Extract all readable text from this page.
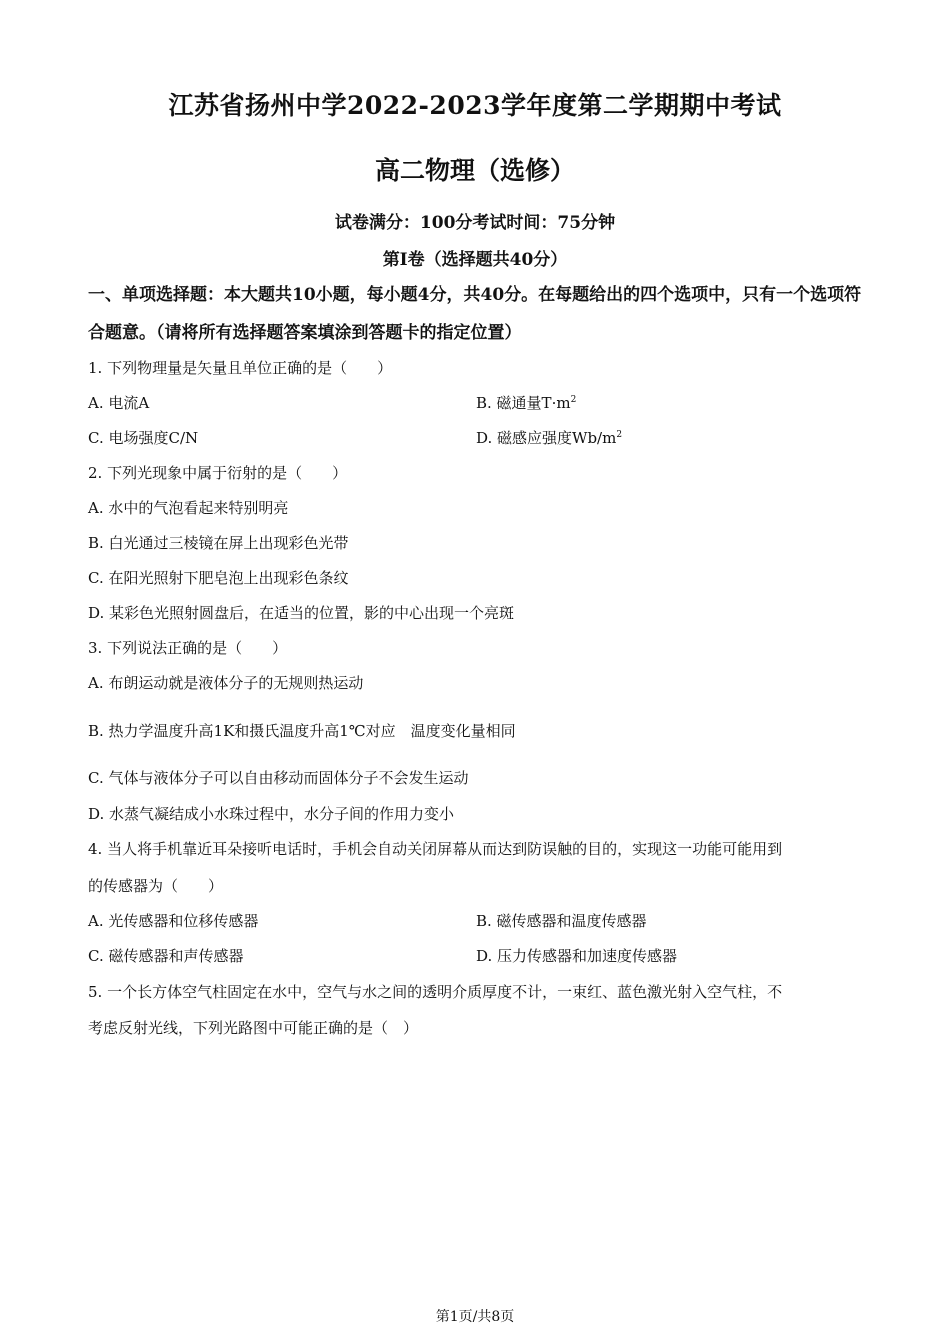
江苏省扬州中学2022-2023学年度第二学期期中考试
高二物理（选修）
试卷满分：100分考试时间：75分钟
第Ⅰ卷（选择题共40分）
一、单项选择题：本大题共10小题，每小题4分，共40分。在每题给出的四个选项中，只有一个选项符合题意。（请将所有选择题答案填涂到答题卡的指定位置）
1. 下列物理量是矢量且单位正确的是（　　）
A. 电流A	B. 磁通量$T\cdot m^2$
C. 电场强度C/N	D. 磁感应强度$Wb/m^2$
2. 下列光现象中属于衍射的是（　　）
A. 水中的气泡看起来特别明亮
B. 白光通过三棱镜在屏上出现彩色光带
C. 在阳光照射下肥皂泡上出现彩色条纹
D. 某彩色光照射圆盘后，在适当的位置，影的中心出现一个亮斑
3. 下列说法正确的是（　　）
A. 布朗运动就是液体分子的无规则热运动
B. 热力学温度升高1K和摄氏温度升高1℃对应　温度变化量相同
C. 气体与液体分子可以自由移动而固体分子不会发生运动
D. 水蒸气凝结成小水珠过程中，水分子间的作用力变小
4. 当人将手机靠近耳朵接听电话时，手机会自动关闭屏幕从而达到防误触的目的，实现这一功能可能用到
的传感器为（　　）
A. 光传感器和位移传感器	B. 磁传感器和温度传感器
C. 磁传感器和声传感器	D. 压力传感器和加速度传感器
5. 一个长方体空气柱固定在水中，空气与水之间的透明介质厚度不计，一束红、蓝色激光射入空气柱，不
考虑反射光线，下列光路图中可能正确的是（　）
第1页/共8页
